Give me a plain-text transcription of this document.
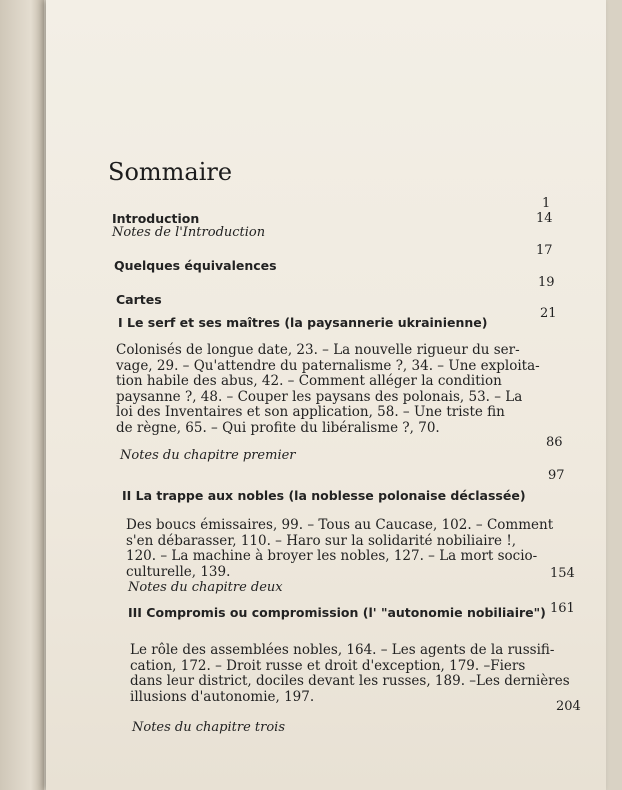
Sommaire
1
Introduction	14
Notes de l'Introduction
17
Quelques équivalences
19
Cartes
21
I Le serf et ses maîtres (la paysannerie ukrainienne)
Colonisés de longue date, 23. – La nouvelle rigueur du ser-
vage, 29. – Qu'attendre du paternalisme ?, 34. – Une exploita-
tion habile des abus, 42. – Comment alléger la condition
paysanne ?, 48. – Couper les paysans des polonais, 53. – La
loi des Inventaires et son application, 58. – Une triste fin
de règne, 65. – Qui profite du libéralisme ?, 70.
86
Notes du chapitre premier
II La trappe aux nobles (la noblesse polonaise déclassée)
97
Des boucs émissaires, 99. – Tous au Caucase, 102. – Comment
s'en débarasser, 110. – Haro sur la solidarité nobiliaire !,
120. – La machine à broyer les nobles, 127. – La mort socio-
culturelle, 139.	154
Notes du chapitre deux
III Compromis ou compromission (l' "autonomie nobiliaire") 161
Le rôle des assemblées nobles, 164. – Les agents de la russifi-
cation, 172. – Droit russe et droit d'exception, 179. –Fiers
dans leur district, dociles devant les russes, 189. –Les dernières
illusions d'autonomie, 197.
204
Notes du chapitre trois
